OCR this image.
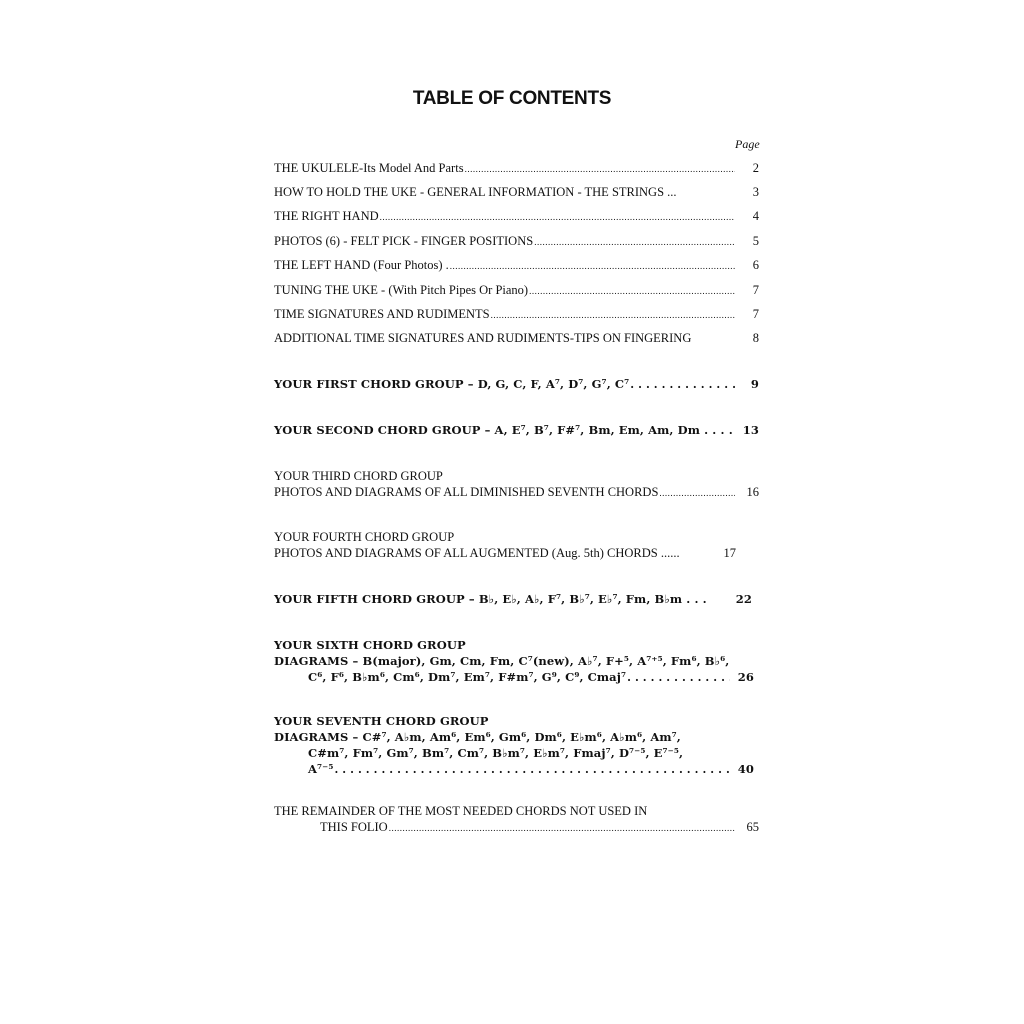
TABLE OF CONTENTS
Page
THE UKULELE-Its Model And Parts .....	2
HOW TO HOLD THE UKE - GENERAL INFORMATION - THE STRINGS ...	3
THE RIGHT HAND .....	4
PHOTOS (6) - FELT PICK - FINGER POSITIONS .....	5
THE LEFT HAND (Four Photos) . .....	6
TUNING THE UKE - (With Pitch Pipes Or Piano) .....	7
TIME SIGNATURES AND RUDIMENTS .....	7
ADDITIONAL TIME SIGNATURES AND RUDIMENTS-TIPS ON FINGERING	8
YOUR FIRST CHORD GROUP – D, G, C, F, A⁷, D⁷, G⁷, C⁷ .....	9
YOUR SECOND CHORD GROUP – A, E⁷, B⁷, F#⁷, Bm, Em, Am, Dm . . . . 13
YOUR THIRD CHORD GROUP
PHOTOS AND DIAGRAMS OF ALL DIMINISHED SEVENTH CHORDS .....	16
YOUR FOURTH CHORD GROUP
PHOTOS AND DIAGRAMS OF ALL AUGMENTED (Aug. 5th) CHORDS ......	17
YOUR FIFTH CHORD GROUP – B♭, E♭, A♭, F⁷, B♭⁷, E♭⁷, Fm, B♭m . . .	22
YOUR SIXTH CHORD GROUP
DIAGRAMS – B(major), Gm, Cm, Fm, C⁷(new), A♭⁷, F+⁵, A⁷⁺⁵, Fm⁶, B♭⁶,
C⁶, F⁶, B♭m⁶, Cm⁶, Dm⁷, Em⁷, F#m⁷, G⁹, C⁹, Cmaj⁷ .....	26
YOUR SEVENTH CHORD GROUP
DIAGRAMS – C#⁷, A♭m, Am⁶, Em⁶, Gm⁶, Dm⁶, E♭m⁶, A♭m⁶, Am⁷,
C#m⁷, Fm⁷, Gm⁷, Bm⁷, Cm⁷, B♭m⁷, E♭m⁷, Fmaj⁷, D⁷⁻⁵, E⁷⁻⁵,
A⁷⁻⁵ .....	40
THE REMAINDER OF THE MOST NEEDED CHORDS NOT USED IN
THIS FOLIO .....	65
